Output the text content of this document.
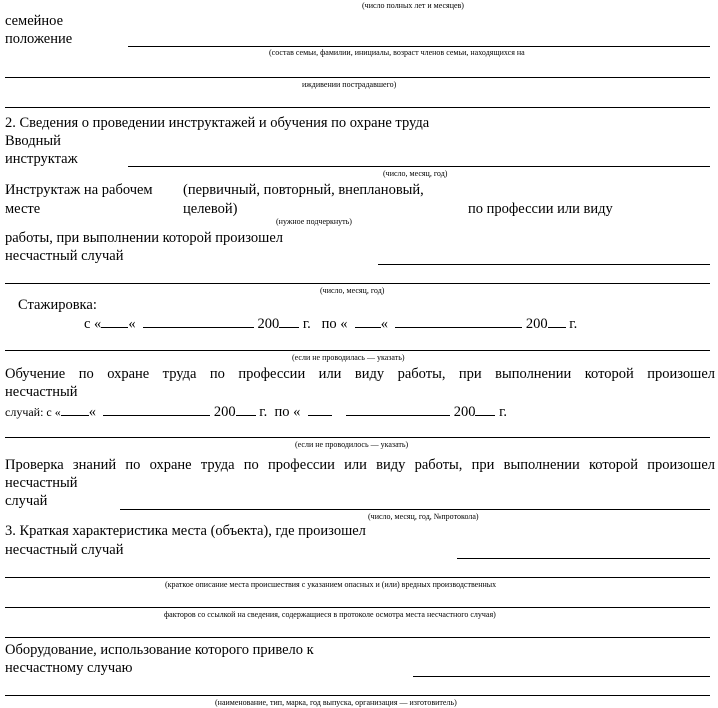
(число полных лет и месяцев)
семейное
положение
(состав семьи, фамилии, инициалы, возраст членов семьи, находящихся на
иждивении пострадавшего)
2. Сведения о проведении инструктажей и обучения по охране труда
Вводный
инструктаж
(число, месяц, год)
Инструктаж на рабочем
месте
(первичный, повторный, внеплановый,
целевой)	по профессии или виду
(нужное подчеркнуть)
работы, при выполнении которой произошел
несчастный случай
(число, месяц, год)
Стажировка:
с « «	200 г. по « «	200 г.
(если не проводилась — указать)
Обучение по охране труда по профессии или виду работы, при выполнении которой произошел
несчастный
случай: с « «	200 г. по «	200 г.
(если не проводилось — указать)
Проверка знаний по охране труда по профессии или виду работы, при выполнении которой произошел
несчастный
случай
(число, месяц, год, №протокола)
3. Краткая характеристика места (объекта), где произошел
несчастный случай
(краткое описание места происшествия с указанием опасных и (или) вредных производственных
факторов со ссылкой на сведения, содержащиеся в протоколе осмотра места несчастного случая)
Оборудование, использование которого привело к
несчастному случаю
(наименование, тип, марка, год выпуска, организация — изготовитель)
